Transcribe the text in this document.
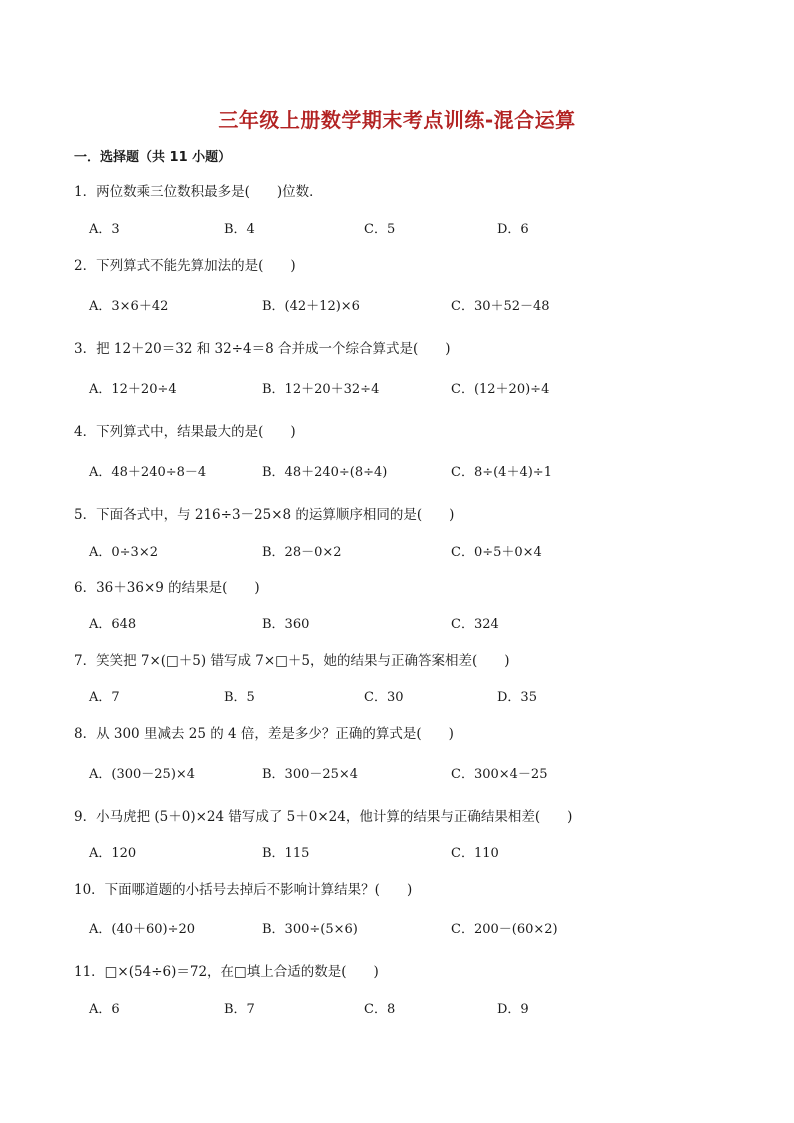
三年级上册数学期末考点训练-混合运算
一．选择题（共 11 小题）
1．两位数乘三位数积最多是(　　)位数．
A．3	B．4	C．5	D．6
2．下列算式不能先算加法的是(　　)
A．3×6＋42	B．(42＋12)×6	C．30＋52－48
3．把 12＋20＝32 和 32÷4＝8 合并成一个综合算式是(　　)
A．12＋20÷4	B．12＋20＋32÷4	C．(12＋20)÷4
4．下列算式中，结果最大的是(　　)
A．48＋240÷8－4	B．48＋240÷(8÷4)	C．8÷(4＋4)÷1
5．下面各式中，与 216÷3－25×8 的运算顺序相同的是(　　)
A．0÷3×2	B．28－0×2	C．0÷5＋0×4
6．36＋36×9 的结果是(　　)
A．648	B．360	C．324
7．笑笑把 7×(□＋5) 错写成 7×□＋5，她的结果与正确答案相差(　　)
A．7	B．5	C．30	D．35
8．从 300 里减去 25 的 4 倍，差是多少？正确的算式是(　　)
A．(300－25)×4	B．300－25×4	C．300×4－25
9．小马虎把 (5＋0)×24 错写成了 5＋0×24，他计算的结果与正确结果相差(　　)
A．120	B．115	C．110
10．下面哪道题的小括号去掉后不影响计算结果？(　　)
A．(40＋60)÷20	B．300÷(5×6)	C．200－(60×2)
11．□×(54÷6)＝72，在□填上合适的数是(　　)
A．6	B．7	C．8	D．9
